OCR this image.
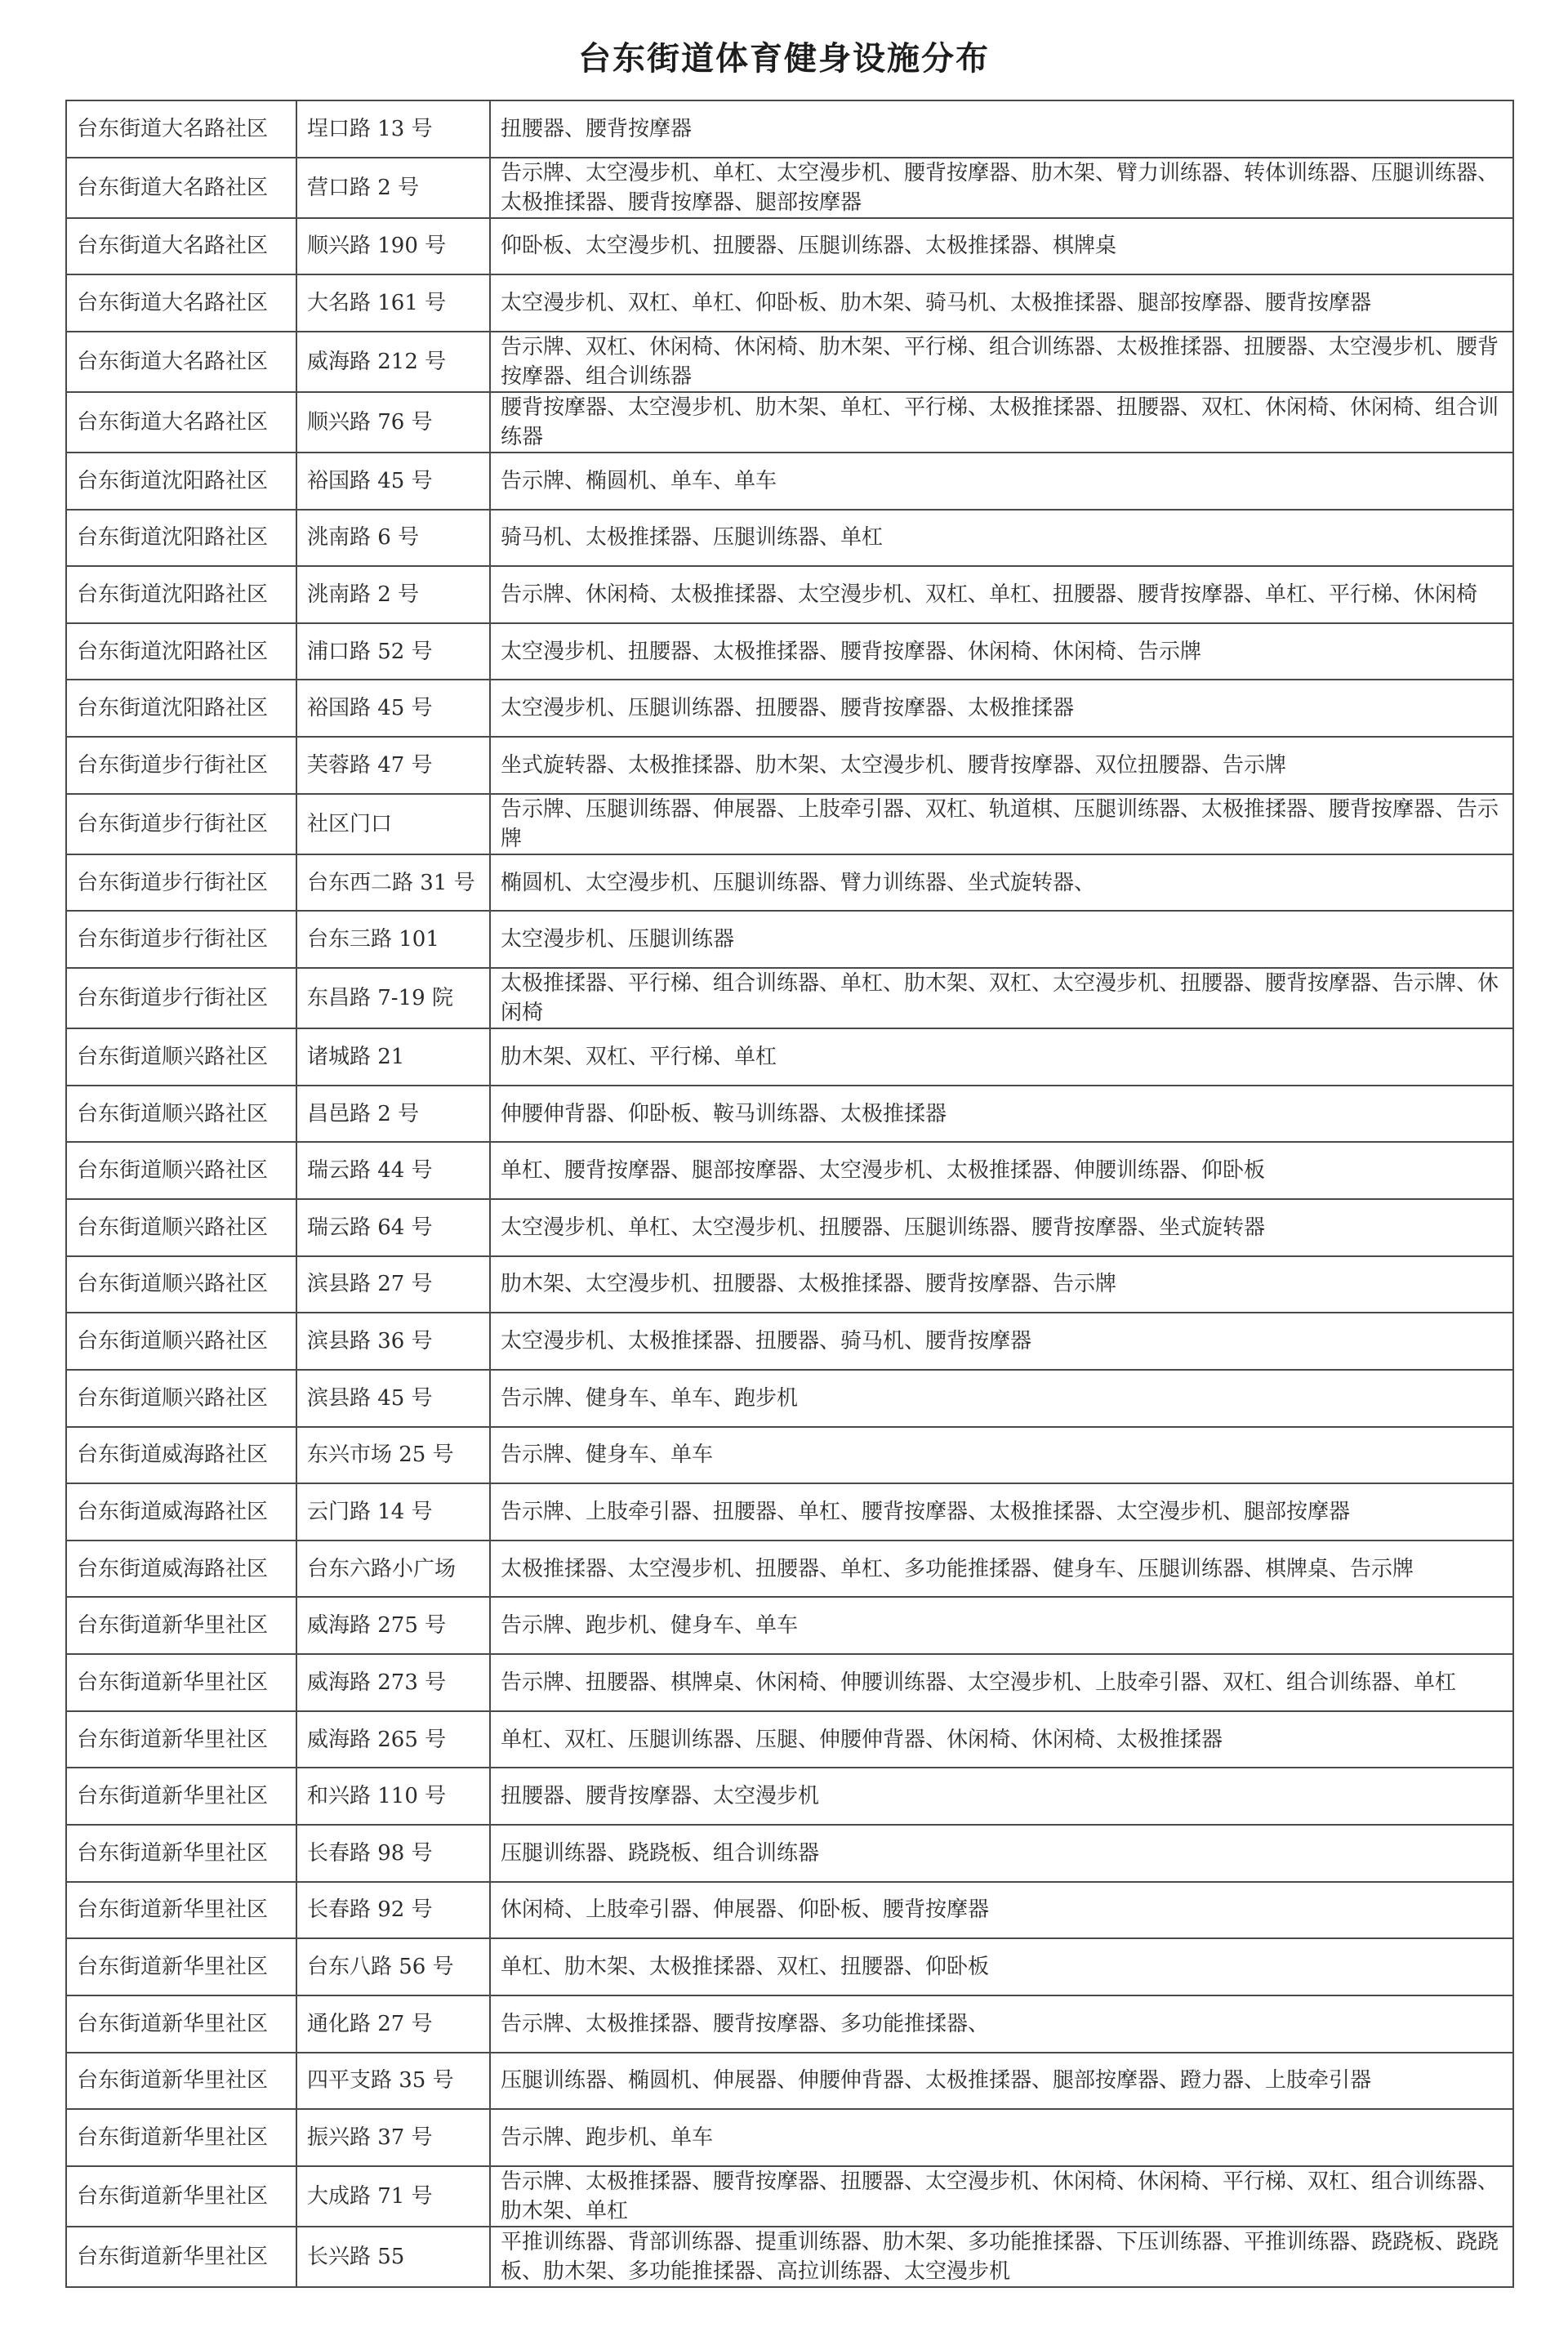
台东街道体育健身设施分布
台东街道大名路社区	埕口路 13 号	扭腰器、腰背按摩器
台东街道大名路社区	营口路 2 号	告示牌、太空漫步机、单杠、太空漫步机、腰背按摩器、肋木架、臂力训练器、转体训练器、压腿训练器、太极推揉器、腰背按摩器、腿部按摩器
台东街道大名路社区	顺兴路 190 号	仰卧板、太空漫步机、扭腰器、压腿训练器、太极推揉器、棋牌桌
台东街道大名路社区	大名路 161 号	太空漫步机、双杠、单杠、仰卧板、肋木架、骑马机、太极推揉器、腿部按摩器、腰背按摩器
台东街道大名路社区	威海路 212 号	告示牌、双杠、休闲椅、休闲椅、肋木架、平行梯、组合训练器、太极推揉器、扭腰器、太空漫步机、腰背按摩器、组合训练器
台东街道大名路社区	顺兴路 76 号	腰背按摩器、太空漫步机、肋木架、单杠、平行梯、太极推揉器、扭腰器、双杠、休闲椅、休闲椅、组合训练器
台东街道沈阳路社区	裕国路 45 号	告示牌、椭圆机、单车、单车
台东街道沈阳路社区	洮南路 6 号	骑马机、太极推揉器、压腿训练器、单杠
台东街道沈阳路社区	洮南路 2 号	告示牌、休闲椅、太极推揉器、太空漫步机、双杠、单杠、扭腰器、腰背按摩器、单杠、平行梯、休闲椅
台东街道沈阳路社区	浦口路 52 号	太空漫步机、扭腰器、太极推揉器、腰背按摩器、休闲椅、休闲椅、告示牌
台东街道沈阳路社区	裕国路 45 号	太空漫步机、压腿训练器、扭腰器、腰背按摩器、太极推揉器
台东街道步行街社区	芙蓉路 47 号	坐式旋转器、太极推揉器、肋木架、太空漫步机、腰背按摩器、双位扭腰器、告示牌
台东街道步行街社区	社区门口	告示牌、压腿训练器、伸展器、上肢牵引器、双杠、轨道棋、压腿训练器、太极推揉器、腰背按摩器、告示牌
台东街道步行街社区	台东西二路 31 号	椭圆机、太空漫步机、压腿训练器、臂力训练器、坐式旋转器、
台东街道步行街社区	台东三路 101	太空漫步机、压腿训练器
台东街道步行街社区	东昌路 7-19 院	太极推揉器、平行梯、组合训练器、单杠、肋木架、双杠、太空漫步机、扭腰器、腰背按摩器、告示牌、休闲椅
台东街道顺兴路社区	诸城路 21	肋木架、双杠、平行梯、单杠
台东街道顺兴路社区	昌邑路 2 号	伸腰伸背器、仰卧板、鞍马训练器、太极推揉器
台东街道顺兴路社区	瑞云路 44 号	单杠、腰背按摩器、腿部按摩器、太空漫步机、太极推揉器、伸腰训练器、仰卧板
台东街道顺兴路社区	瑞云路 64 号	太空漫步机、单杠、太空漫步机、扭腰器、压腿训练器、腰背按摩器、坐式旋转器
台东街道顺兴路社区	滨县路 27 号	肋木架、太空漫步机、扭腰器、太极推揉器、腰背按摩器、告示牌
台东街道顺兴路社区	滨县路 36 号	太空漫步机、太极推揉器、扭腰器、骑马机、腰背按摩器
台东街道顺兴路社区	滨县路 45 号	告示牌、健身车、单车、跑步机
台东街道威海路社区	东兴市场 25 号	告示牌、健身车、单车
台东街道威海路社区	云门路 14 号	告示牌、上肢牵引器、扭腰器、单杠、腰背按摩器、太极推揉器、太空漫步机、腿部按摩器
台东街道威海路社区	台东六路小广场	太极推揉器、太空漫步机、扭腰器、单杠、多功能推揉器、健身车、压腿训练器、棋牌桌、告示牌
台东街道新华里社区	威海路 275 号	告示牌、跑步机、健身车、单车
台东街道新华里社区	威海路 273 号	告示牌、扭腰器、棋牌桌、休闲椅、伸腰训练器、太空漫步机、上肢牵引器、双杠、组合训练器、单杠
台东街道新华里社区	威海路 265 号	单杠、双杠、压腿训练器、压腿、伸腰伸背器、休闲椅、休闲椅、太极推揉器
台东街道新华里社区	和兴路 110 号	扭腰器、腰背按摩器、太空漫步机
台东街道新华里社区	长春路 98 号	压腿训练器、跷跷板、组合训练器
台东街道新华里社区	长春路 92 号	休闲椅、上肢牵引器、伸展器、仰卧板、腰背按摩器
台东街道新华里社区	台东八路 56 号	单杠、肋木架、太极推揉器、双杠、扭腰器、仰卧板
台东街道新华里社区	通化路 27 号	告示牌、太极推揉器、腰背按摩器、多功能推揉器、
台东街道新华里社区	四平支路 35 号	压腿训练器、椭圆机、伸展器、伸腰伸背器、太极推揉器、腿部按摩器、蹬力器、上肢牵引器
台东街道新华里社区	振兴路 37 号	告示牌、跑步机、单车
台东街道新华里社区	大成路 71 号	告示牌、太极推揉器、腰背按摩器、扭腰器、太空漫步机、休闲椅、休闲椅、平行梯、双杠、组合训练器、肋木架、单杠
台东街道新华里社区	长兴路 55	平推训练器、背部训练器、提重训练器、肋木架、多功能推揉器、下压训练器、平推训练器、跷跷板、跷跷板、肋木架、多功能推揉器、高拉训练器、太空漫步机
